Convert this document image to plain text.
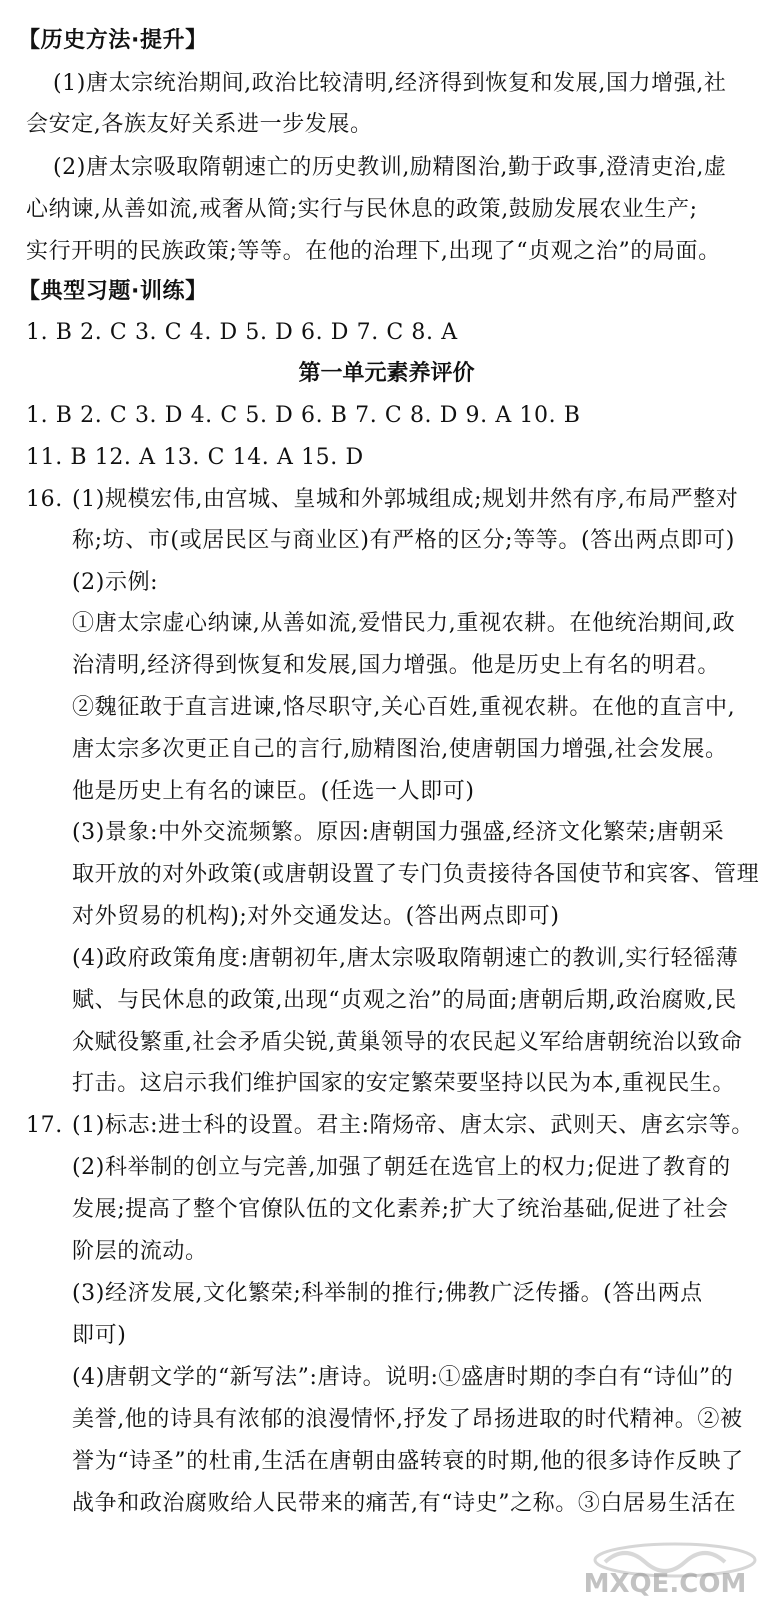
【历史方法·提升】
(1)唐太宗统治期间,政治比较清明,经济得到恢复和发展,国力增强,社
会安定,各族友好关系进一步发展。
(2)唐太宗吸取隋朝速亡的历史教训,励精图治,勤于政事,澄清吏治,虚
心纳谏,从善如流,戒奢从简;实行与民休息的政策,鼓励发展农业生产;
实行开明的民族政策;等等。在他的治理下,出现了“贞观之治”的局面。
【典型习题·训练】
1. B 2. C 3. C 4. D 5. D 6. D 7. C 8. A
第一单元素养评价
1. B 2. C 3. D 4. C 5. D 6. B 7. C 8. D 9. A 10. B
11. B 12. A 13. C 14. A 15. D
16. (1)规模宏伟,由宫城、皇城和外郭城组成;规划井然有序,布局严整对
称;坊、市(或居民区与商业区)有严格的区分;等等。(答出两点即可)
(2)示例:
①唐太宗虚心纳谏,从善如流,爱惜民力,重视农耕。在他统治期间,政
治清明,经济得到恢复和发展,国力增强。他是历史上有名的明君。
②魏征敢于直言进谏,恪尽职守,关心百姓,重视农耕。在他的直言中,
唐太宗多次更正自己的言行,励精图治,使唐朝国力增强,社会发展。
他是历史上有名的谏臣。(任选一人即可)
(3)景象:中外交流频繁。原因:唐朝国力强盛,经济文化繁荣;唐朝采
取开放的对外政策(或唐朝设置了专门负责接待各国使节和宾客、管理
对外贸易的机构);对外交通发达。(答出两点即可)
(4)政府政策角度:唐朝初年,唐太宗吸取隋朝速亡的教训,实行轻徭薄
赋、与民休息的政策,出现“贞观之治”的局面;唐朝后期,政治腐败,民
众赋役繁重,社会矛盾尖锐,黄巢领导的农民起义军给唐朝统治以致命
打击。这启示我们维护国家的安定繁荣要坚持以民为本,重视民生。
17. (1)标志:进士科的设置。君主:隋炀帝、唐太宗、武则天、唐玄宗等。
(2)科举制的创立与完善,加强了朝廷在选官上的权力;促进了教育的
发展;提高了整个官僚队伍的文化素养;扩大了统治基础,促进了社会
阶层的流动。
(3)经济发展,文化繁荣;科举制的推行;佛教广泛传播。(答出两点
即可)
(4)唐朝文学的“新写法”:唐诗。说明:①盛唐时期的李白有“诗仙”的
美誉,他的诗具有浓郁的浪漫情怀,抒发了昂扬进取的时代精神。②被
誉为“诗圣”的杜甫,生活在唐朝由盛转衰的时期,他的很多诗作反映了
战争和政治腐败给人民带来的痛苦,有“诗史”之称。③白居易生活在
MXQE.COM
